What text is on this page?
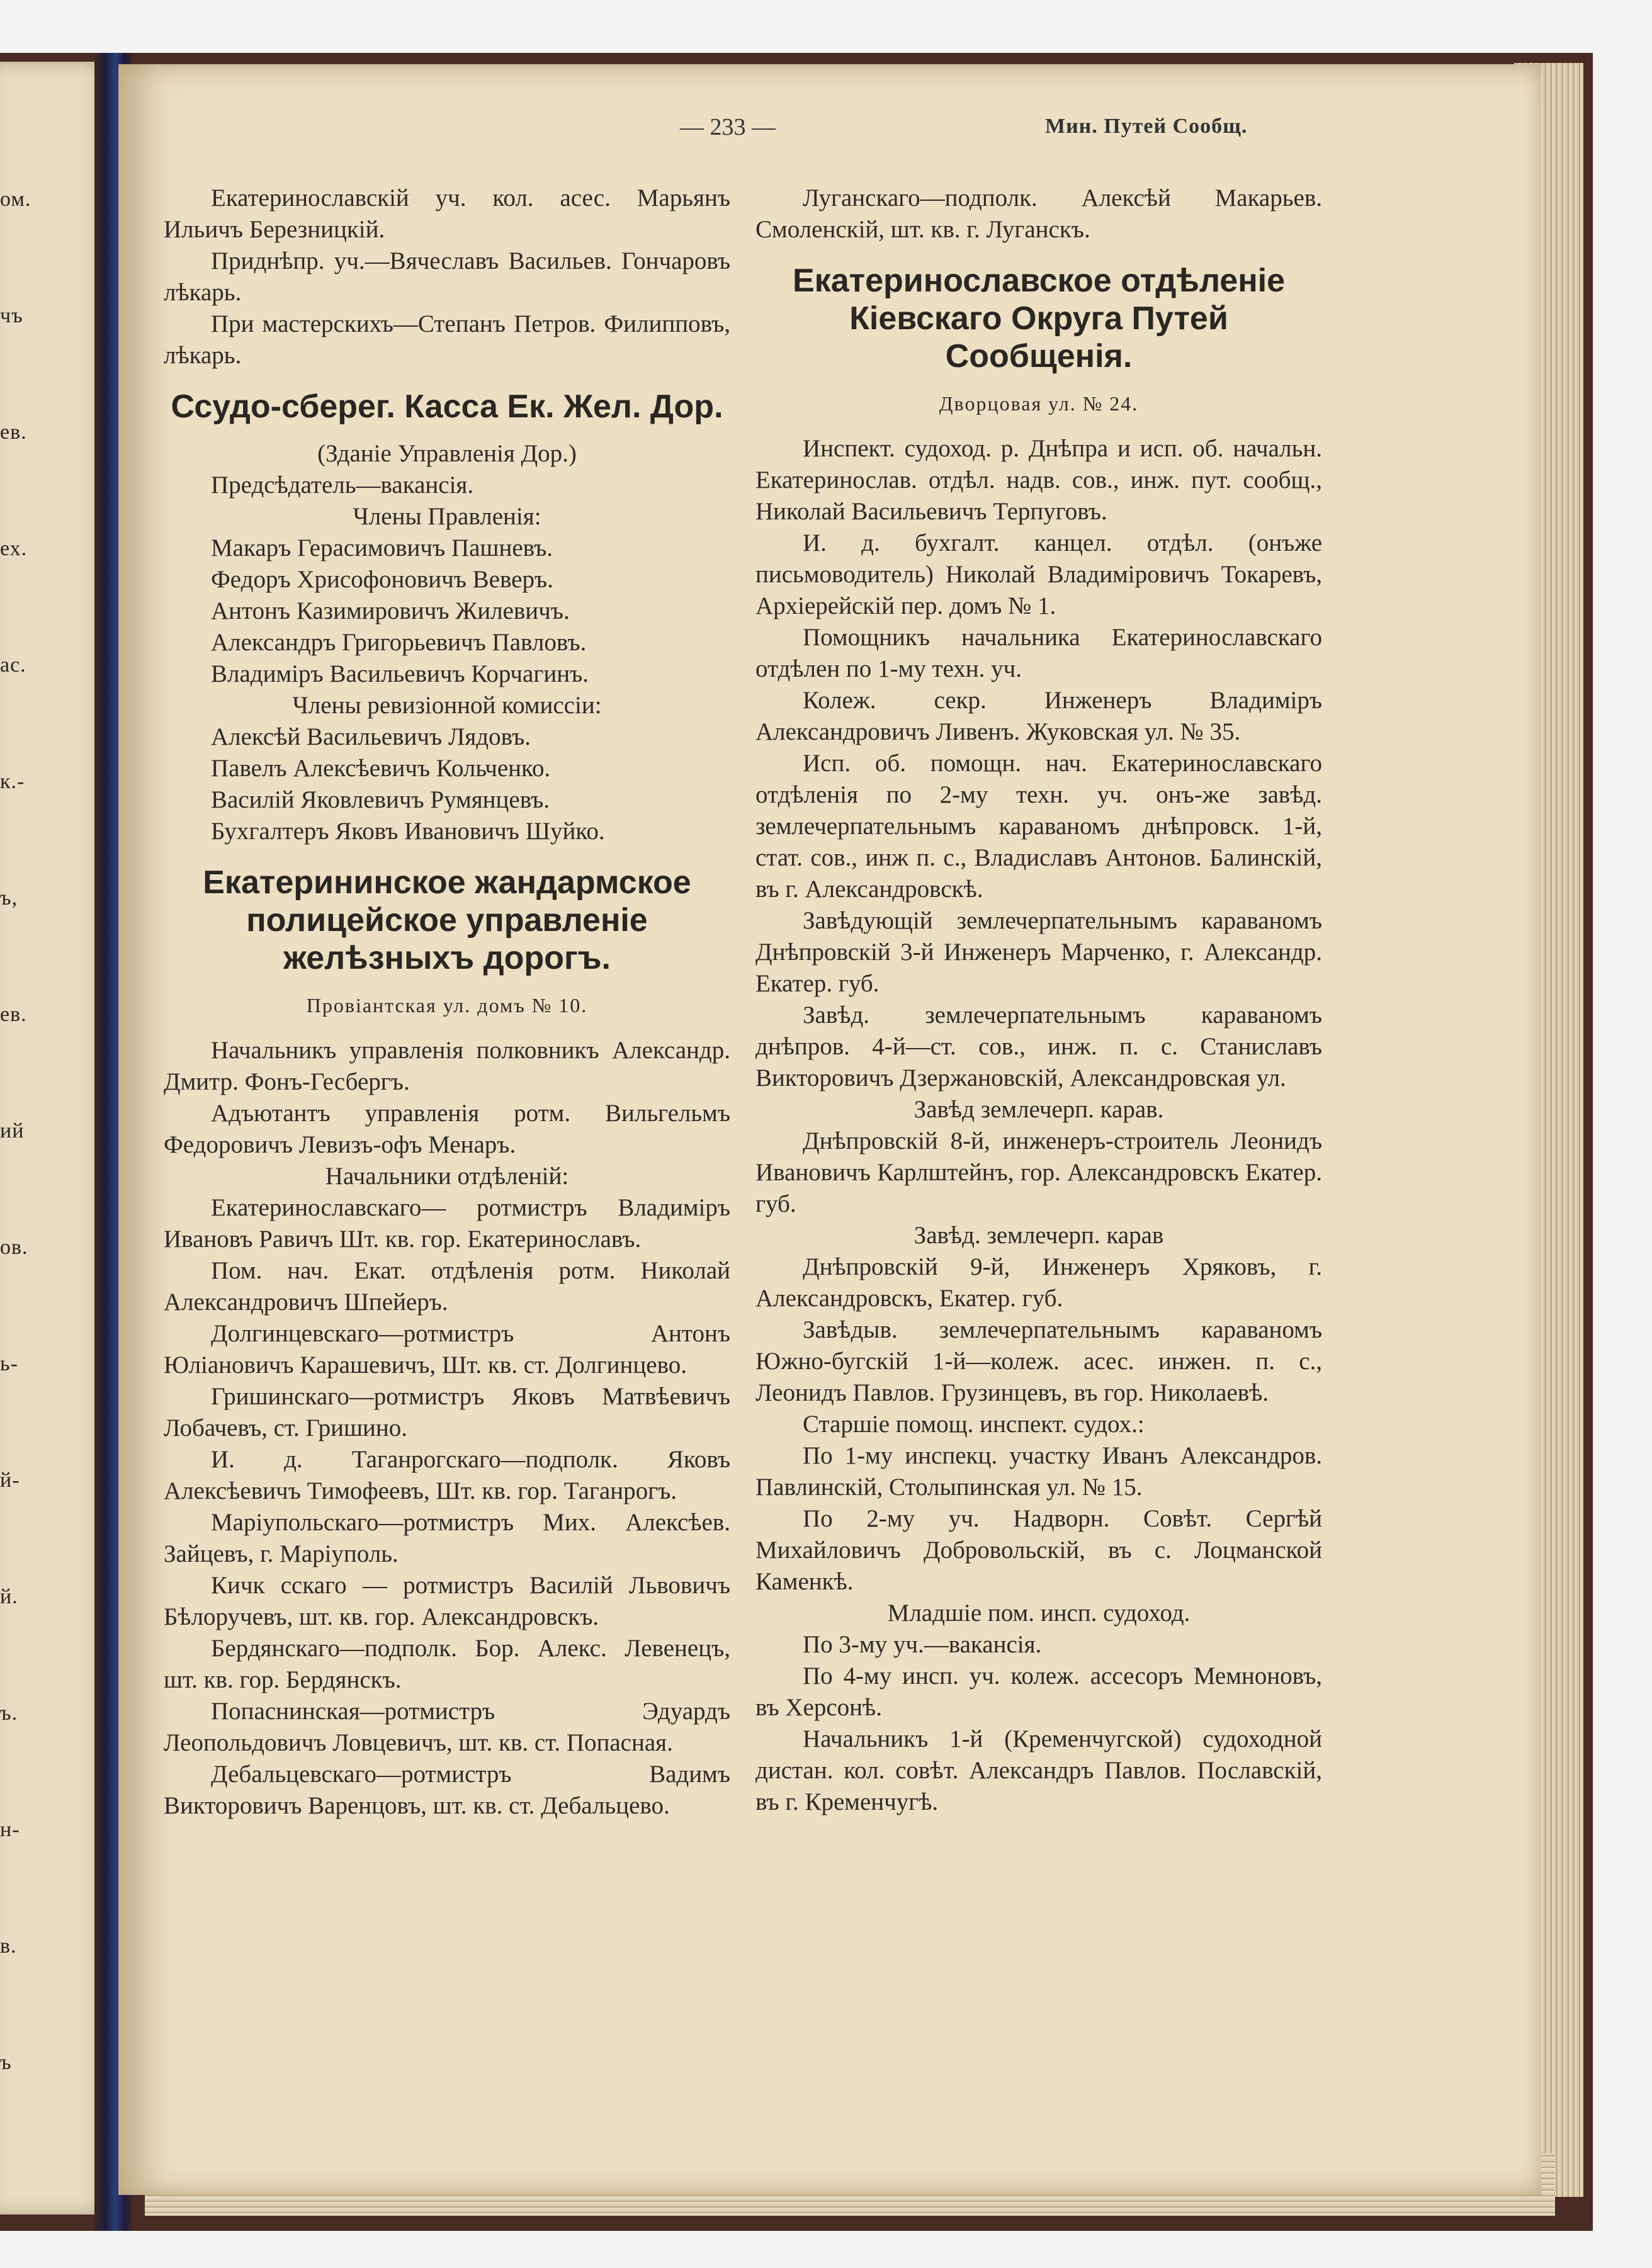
ом.
чъ
ев.
ех.
ас.
к.-
ъ,
ев.
ий
ов.
ь-
й-
й.
ъ.
н-
в.
ъ
— 233 —	Мин. Путей Сообщ.

Екатеринославскій уч. кол. асес. Марьянъ Ильичъ Березницкій.

Приднѣпр. уч.—Вячеславъ Васильев. Гончаровъ лѣкарь.

При мастерскихъ—Степанъ Петров. Филипповъ, лѣкарь.

Ссудо-сберег. Касса Ек. Жел. Дор.

(Зданіе Управленія Дор.)

Предсѣдатель—вакансія.

Члены Правленія:

Макаръ Герасимовичъ Пашневъ.

Федоръ Хрисофоновичъ Веверъ.

Антонъ Казимировичъ Жилевичъ.

Александръ Григорьевичъ Павловъ.

Владиміръ Васильевичъ Корчагинъ.

Члены ревизіонной комиссіи:

Алексѣй Васильевичъ Лядовъ.

Павелъ Алексѣевичъ Кольченко.

Василій Яковлевичъ Румянцевъ.

Бухгалтеръ Яковъ Ивановичъ Шуйко.

Екатерининское жандармское полицейское управленіе желѣзныхъ дорогъ.

Провіантская ул. домъ № 10.

Начальникъ управленія полковникъ Александр. Дмитр. Фонъ-Гесбергъ.

Адъютантъ управленія ротм. Вильгельмъ Федоровичъ Левизъ-офъ Менаръ.

Начальники отдѣленій:

Екатеринославскаго— ротмистръ Владиміръ Ивановъ Равичъ Шт. кв. гор. Екатеринославъ.

Пом. нач. Екат. отдѣленія ротм. Николай Александровичъ Шпейеръ.

Долгинцевскаго—ротмистръ Антонъ Юліановичъ Карашевичъ, Шт. кв. ст. Долгинцево.

Гришинскаго—ротмистръ Яковъ Матвѣевичъ Лобачевъ, ст. Гришино.

И. д. Таганрогскаго—подполк. Яковъ Алексѣевичъ Тимофеевъ, Шт. кв. гор. Таганрогъ.

Маріупольскаго—ротмистръ Мих. Алексѣев. Зайцевъ, г. Маріуполь.

Кичк сскаго — ротмистръ Василій Львовичъ Бѣлоручевъ, шт. кв. гор. Александровскъ.

Бердянскаго—подполк. Бор. Алекс. Левенецъ, шт. кв. гор. Бердянскъ.

Попаснинская—ротмистръ Эдуардъ Леопольдовичъ Ловцевичъ, шт. кв. ст. Попасная.

Дебальцевскаго—ротмистръ Вадимъ Викторовичъ Варенцовъ, шт. кв. ст. Дебальцево.

Луганскаго—подполк. Алексѣй Макарьев. Смоленскій, шт. кв. г. Луганскъ.

Екатеринославское отдѣленіе Кіевскаго Округа Путей Сообщенія.

Дворцовая ул. № 24.

Инспект. судоход. р. Днѣпра и исп. об. начальн. Екатеринослав. отдѣл. надв. сов., инж. пут. сообщ., Николай Васильевичъ Терпуговъ.

И. д. бухгалт. канцел. отдѣл. (онъже письмоводитель) Николай Владиміровичъ Токаревъ, Архіерейскій пер. домъ № 1.

Помощникъ начальника Екатеринославскаго отдѣлен по 1-му техн. уч.

Колеж. секр. Инженеръ Владиміръ Александровичъ Ливенъ. Жуковская ул. № 35.

Исп. об. помощн. нач. Екатеринославскаго отдѣленія по 2-му техн. уч. онъ-же завѣд. землечерпательнымъ караваномъ днѣпровск. 1-й, стат. сов., инж п. с., Владиславъ Антонов. Балинскій, въ г. Александровскѣ.

Завѣдующій землечерпательнымъ караваномъ Днѣпровскій 3-й Инженеръ Марченко, г. Александр. Екатер. губ.

Завѣд. землечерпательнымъ караваномъ днѣпров. 4-й—ст. сов., инж. п. с. Станиславъ Викторовичъ Дзержановскій, Александровская ул.

Завѣд землечерп. карав.

Днѣпровскій 8-й, инженеръ-строитель Леонидъ Ивановичъ Карлштейнъ, гор. Александровскъ Екатер. губ.

Завѣд. землечерп. карав

Днѣпровскій 9-й, Инженеръ Хряковъ, г. Александровскъ, Екатер. губ.

Завѣдыв. землечерпательнымъ караваномъ Южно-бугскій 1-й—колеж. асес. инжен. п. с., Леонидъ Павлов. Грузинцевъ, въ гор. Николаевѣ.

Старшіе помощ. инспект. судох.:

По 1-му инспекц. участку Иванъ Александров. Павлинскій, Столыпинская ул. № 15.

По 2-му уч. Надворн. Совѣт. Сергѣй Михайловичъ Добровольскій, въ с. Лоцманской Каменкѣ.

Младшіе пом. инсп. судоход.

По 3-му уч.—вакансія.

По 4-му инсп. уч. колеж. ассесоръ Мемноновъ, въ Херсонѣ.

Начальникъ 1-й (Кременчугской) судоходной дистан. кол. совѣт. Александръ Павлов. Пославскій, въ г. Кременчугѣ.
